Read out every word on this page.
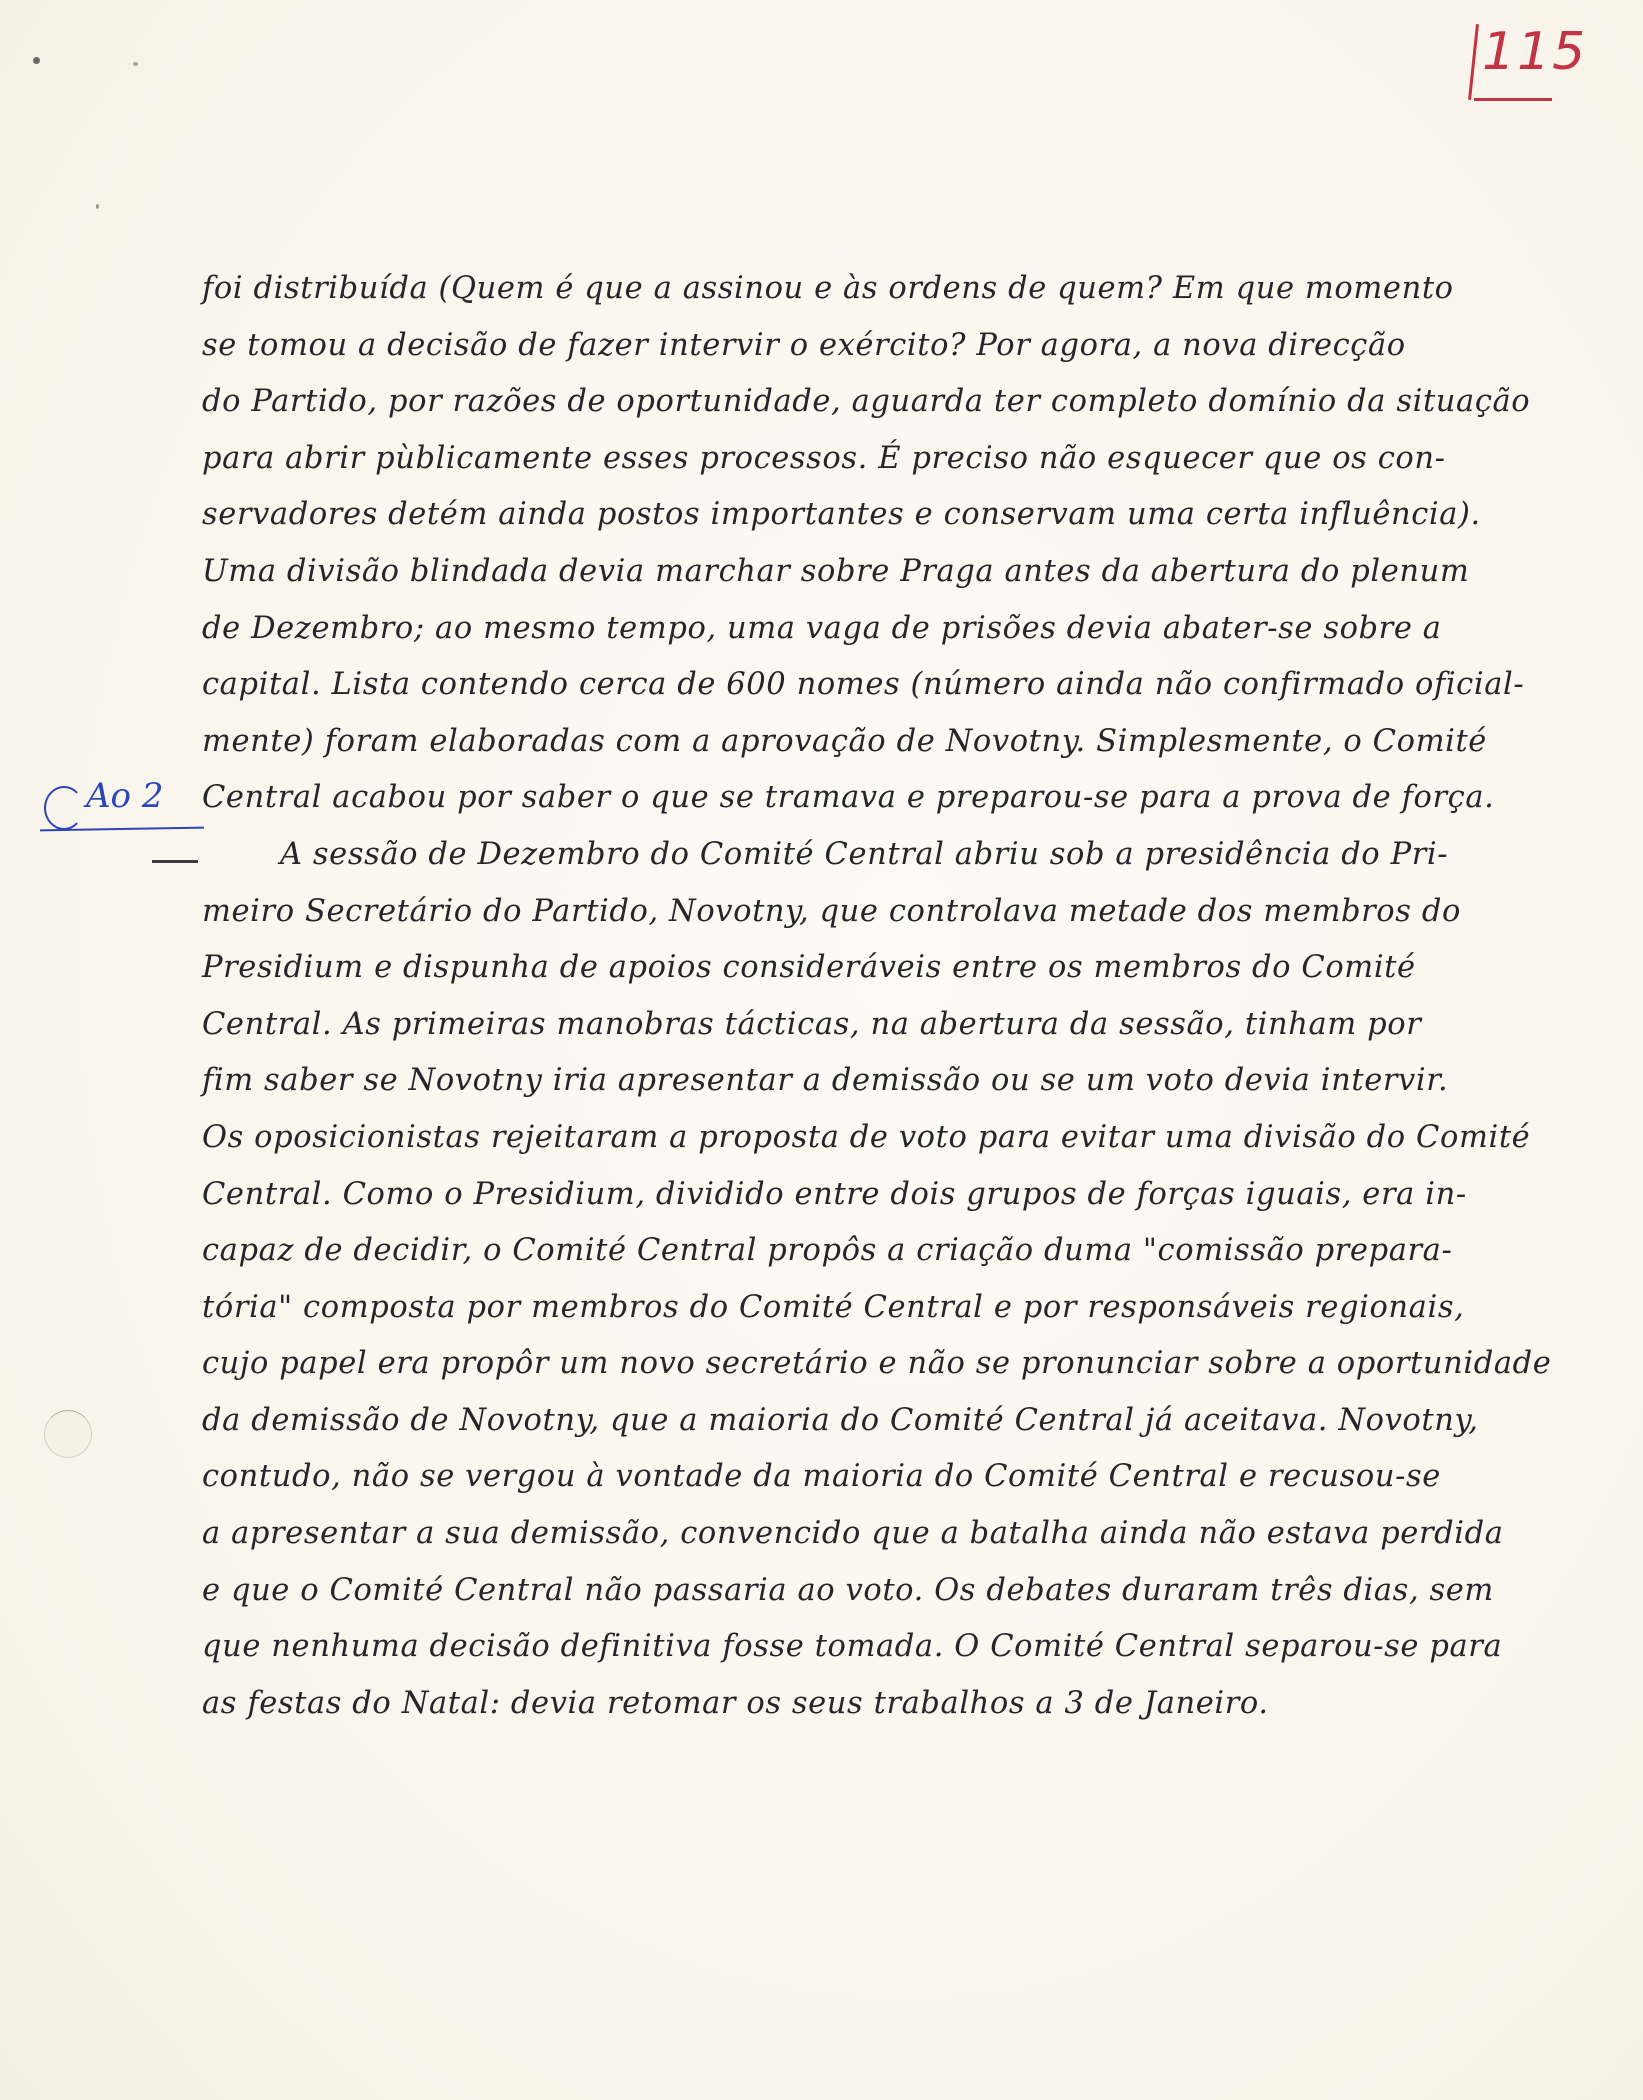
115
Ao 2
foi distribuída (Quem é que a assinou e às ordens de quem? Em que momento
se tomou a decisão de fazer intervir o exército? Por agora, a nova direcção
do Partido, por razões de oportunidade, aguarda ter completo domínio da situação
para abrir pùblicamente esses processos. É preciso não esquecer que os con-
servadores detém ainda postos importantes e conservam uma certa influência).
Uma divisão blindada devia marchar sobre Praga antes da abertura do plenum
de Dezembro; ao mesmo tempo, uma vaga de prisões devia abater-se sobre a
capital. Lista contendo cerca de 600 nomes (número ainda não confirmado oficial-
mente) foram elaboradas com a aprovação de Novotny. Simplesmente, o Comité
Central acabou por saber o que se tramava e preparou-se para a prova de força.
A sessão de Dezembro do Comité Central abriu sob a presidência do Pri-
meiro Secretário do Partido, Novotny, que controlava metade dos membros do
Presidium e dispunha de apoios consideráveis entre os membros do Comité
Central. As primeiras manobras tácticas, na abertura da sessão, tinham por
fim saber se Novotny iria apresentar a demissão ou se um voto devia intervir.
Os oposicionistas rejeitaram a proposta de voto para evitar uma divisão do Comité
Central. Como o Presidium, dividido entre dois grupos de forças iguais, era in-
capaz de decidir, o Comité Central propôs a criação duma "comissão prepara-
tória" composta por membros do Comité Central e por responsáveis regionais,
cujo papel era propôr um novo secretário e não se pronunciar sobre a oportunidade
da demissão de Novotny, que a maioria do Comité Central já aceitava. Novotny,
contudo, não se vergou à vontade da maioria do Comité Central e recusou-se
a apresentar a sua demissão, convencido que a batalha ainda não estava perdida
e que o Comité Central não passaria ao voto. Os debates duraram três dias, sem
que nenhuma decisão definitiva fosse tomada. O Comité Central separou-se para
as festas do Natal: devia retomar os seus trabalhos a 3 de Janeiro.
